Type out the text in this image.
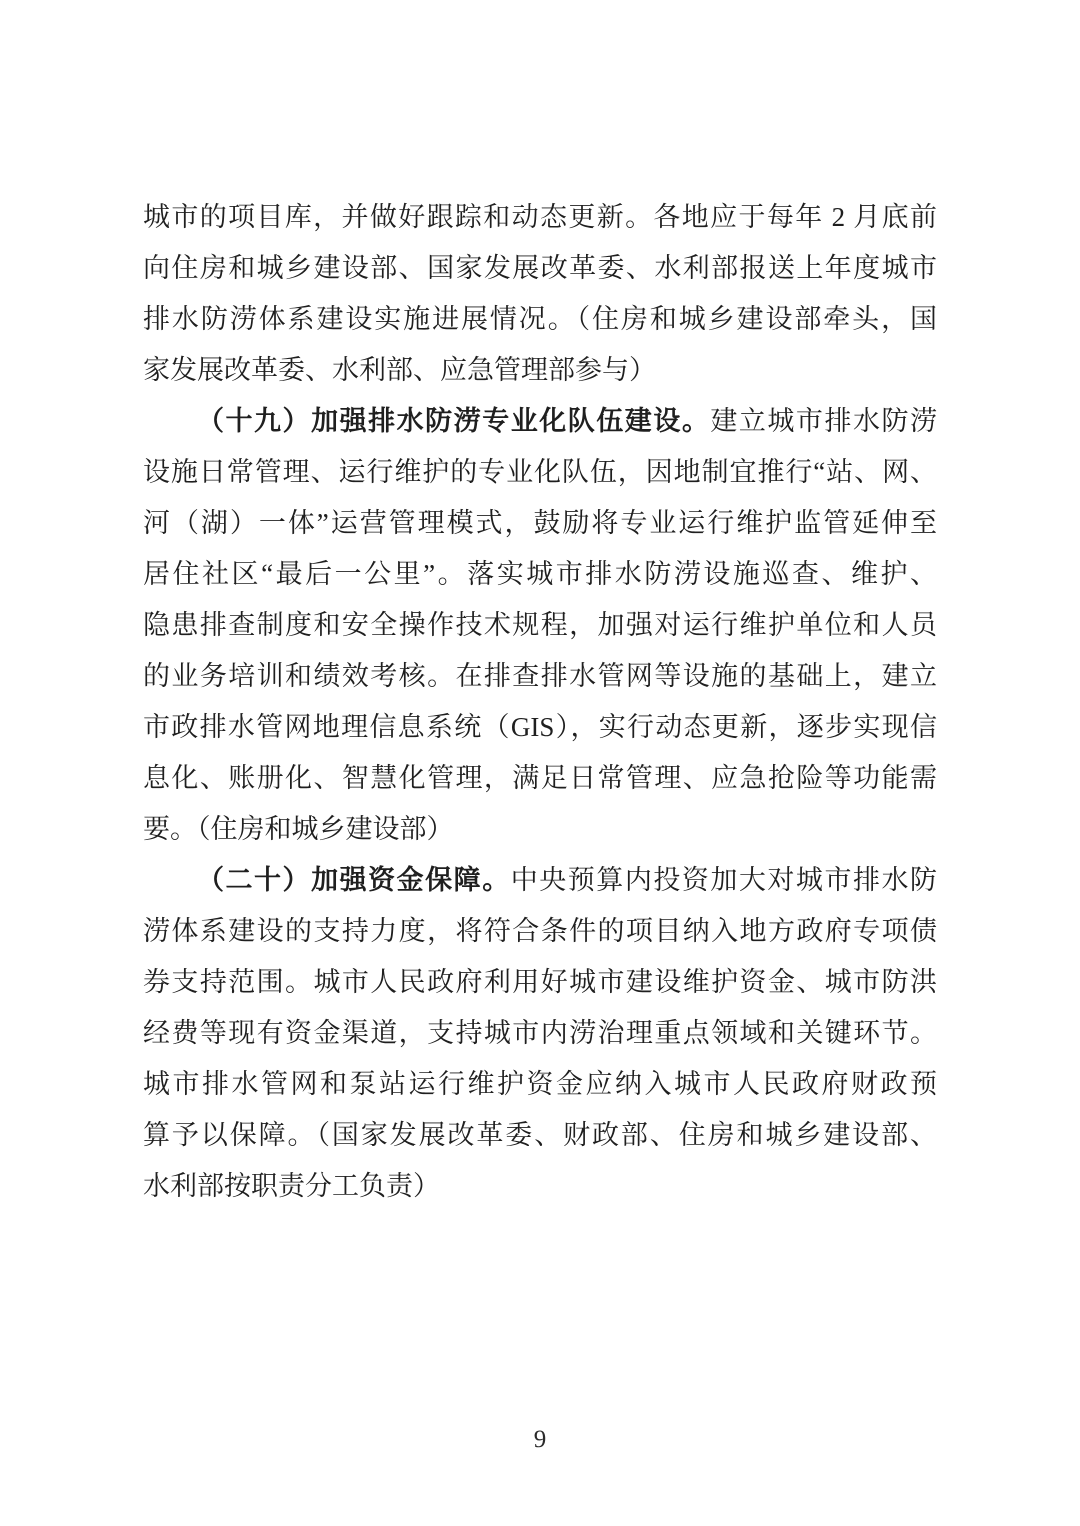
城市的项目库，并做好跟踪和动态更新。各地应于每年 2 月底前
向住房和城乡建设部、国家发展改革委、水利部报送上年度城市
排水防涝体系建设实施进展情况。（住房和城乡建设部牵头，国
家发展改革委、水利部、应急管理部参与）
（十九）加强排水防涝专业化队伍建设。建立城市排水防涝
设施日常管理、运行维护的专业化队伍，因地制宜推行“站、网、
河（湖）一体”运营管理模式，鼓励将专业运行维护监管延伸至
居住社区“最后一公里”。落实城市排水防涝设施巡查、维护、
隐患排查制度和安全操作技术规程，加强对运行维护单位和人员
的业务培训和绩效考核。在排查排水管网等设施的基础上，建立
市政排水管网地理信息系统（GIS），实行动态更新，逐步实现信
息化、账册化、智慧化管理，满足日常管理、应急抢险等功能需
要。（住房和城乡建设部）
（二十）加强资金保障。中央预算内投资加大对城市排水防
涝体系建设的支持力度，将符合条件的项目纳入地方政府专项债
券支持范围。城市人民政府利用好城市建设维护资金、城市防洪
经费等现有资金渠道，支持城市内涝治理重点领域和关键环节。
城市排水管网和泵站运行维护资金应纳入城市人民政府财政预
算予以保障。（国家发展改革委、财政部、住房和城乡建设部、
水利部按职责分工负责）
9
